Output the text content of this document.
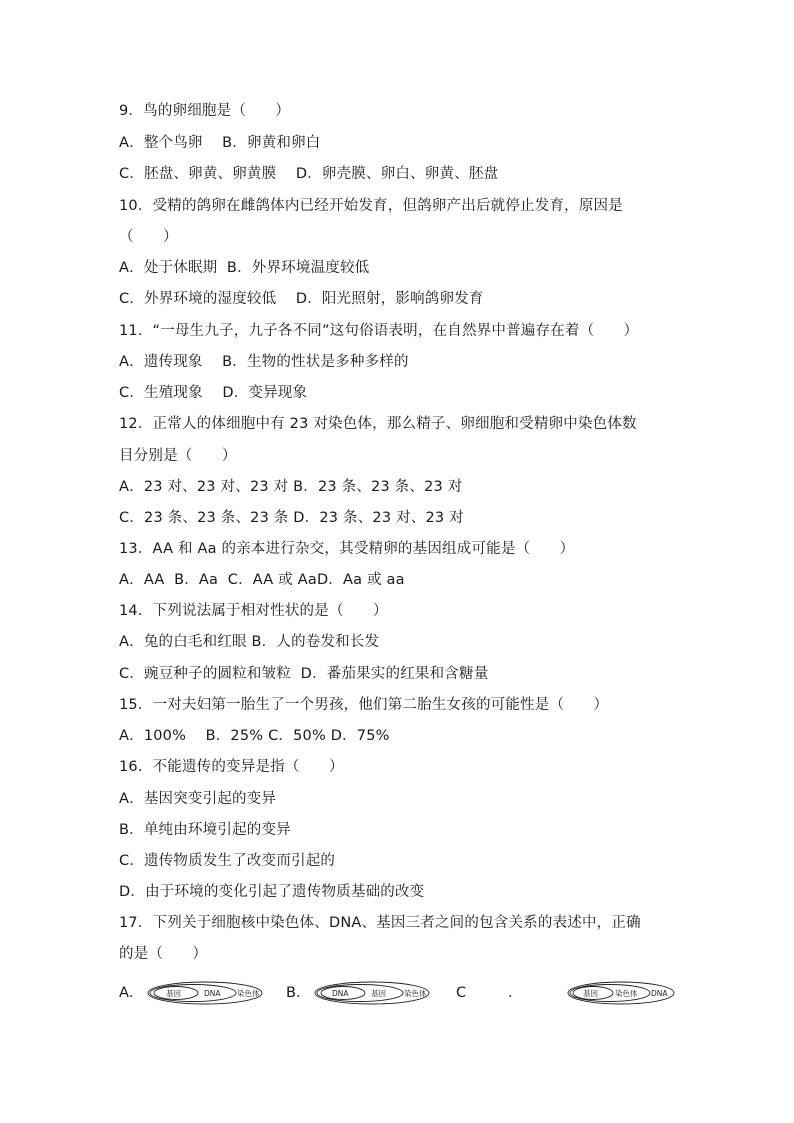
9．鸟的卵细胞是（　　）
A．整个鸟卵　 B．卵黄和卵白
C．胚盘、卵黄、卵黄膜　 D．卵壳膜、卵白、卵黄、胚盘
10．受精的鸽卵在雌鸽体内已经开始发育，但鸽卵产出后就停止发育，原因是
（　　）
A．处于休眠期  B．外界环境温度较低
C．外界环境的湿度较低　 D．阳光照射，影响鸽卵发育
11．“一母生九子，九子各不同”这句俗语表明，在自然界中普遍存在着（　　）
A．遗传现象　 B．生物的性状是多种多样的
C．生殖现象　 D．变异现象
12．正常人的体细胞中有 23 对染色体，那么精子、卵细胞和受精卵中染色体数
目分别是（　　）
A．23 对、23 对、23 对 B．23 条、23 条、23 对
C．23 条、23 条、23 条 D．23 条、23 对、23 对
13．AA 和 Aa 的亲本进行杂交，其受精卵的基因组成可能是（　　）
A．AA  B．Aa  C．AA 或 AaD．Aa 或 aa
14．下列说法属于相对性状的是（　　）
A．兔的白毛和红眼 B．人的卷发和长发
C．豌豆种子的圆粒和皱粒  D．番茄果实的红果和含糖量
15．一对夫妇第一胎生了一个男孩，他们第二胎生女孩的可能性是（　　）
A．100%　 B．25% C．50% D．75%
16．不能遗传的变异是指（　　）
A．基因突变引起的变异
B．单纯由环境引起的变异
C．遗传物质发生了改变而引起的
D．由于环境的变化引起了遗传物质基础的改变
17．下列关于细胞核中染色体、DNA、基因三者之间的包含关系的表述中，正确
的是（　　）
A．	基因	DNA 染色体 B．	DNA	基因 染色体 C	．	基因 染色体 DNA
